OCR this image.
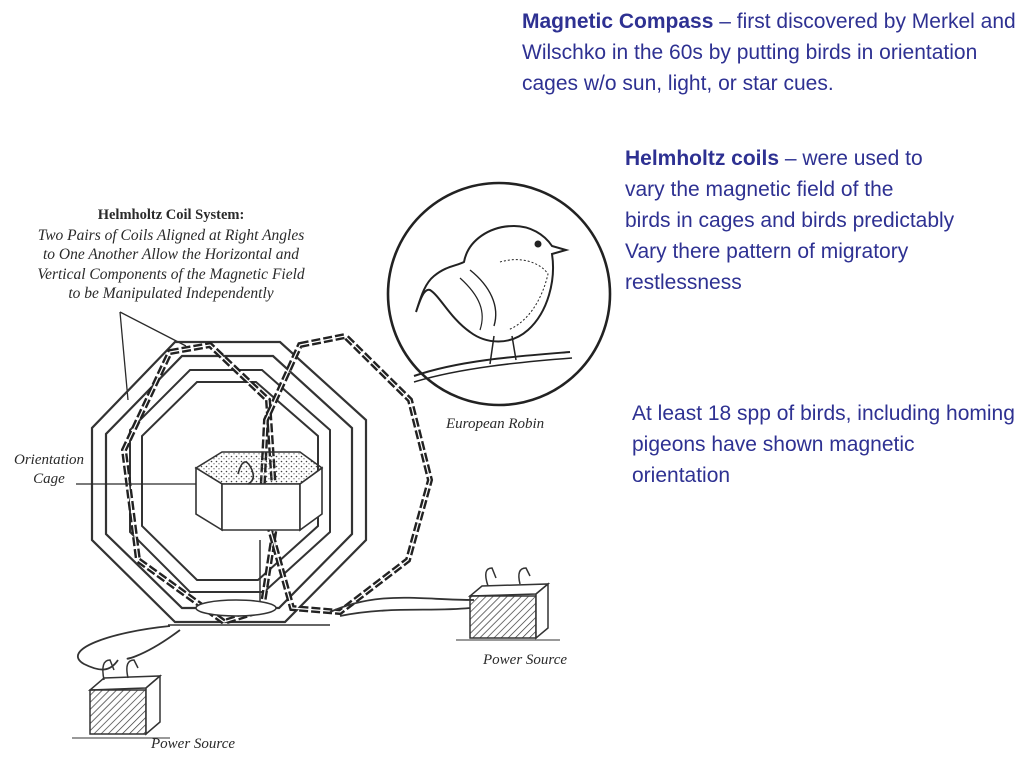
Helmholtz Coil System:
Two Pairs of Coils Aligned at Right Angles
to One Another Allow the Horizontal and
Vertical Components of the Magnetic Field
to be Manipulated Independently
Orientation
Cage
European Robin
Power Source
Power Source

Magnetic Compass – first discovered by Merkel and Wilschko in the 60s by putting birds in orientation cages w/o sun, light, or star cues.

Helmholtz coils – were used to
vary the magnetic field of the
birds in cages and birds predictably
Vary there pattern of migratory
restlessness

At least 18 spp of birds, including homing pigeons have shown magnetic orientation
